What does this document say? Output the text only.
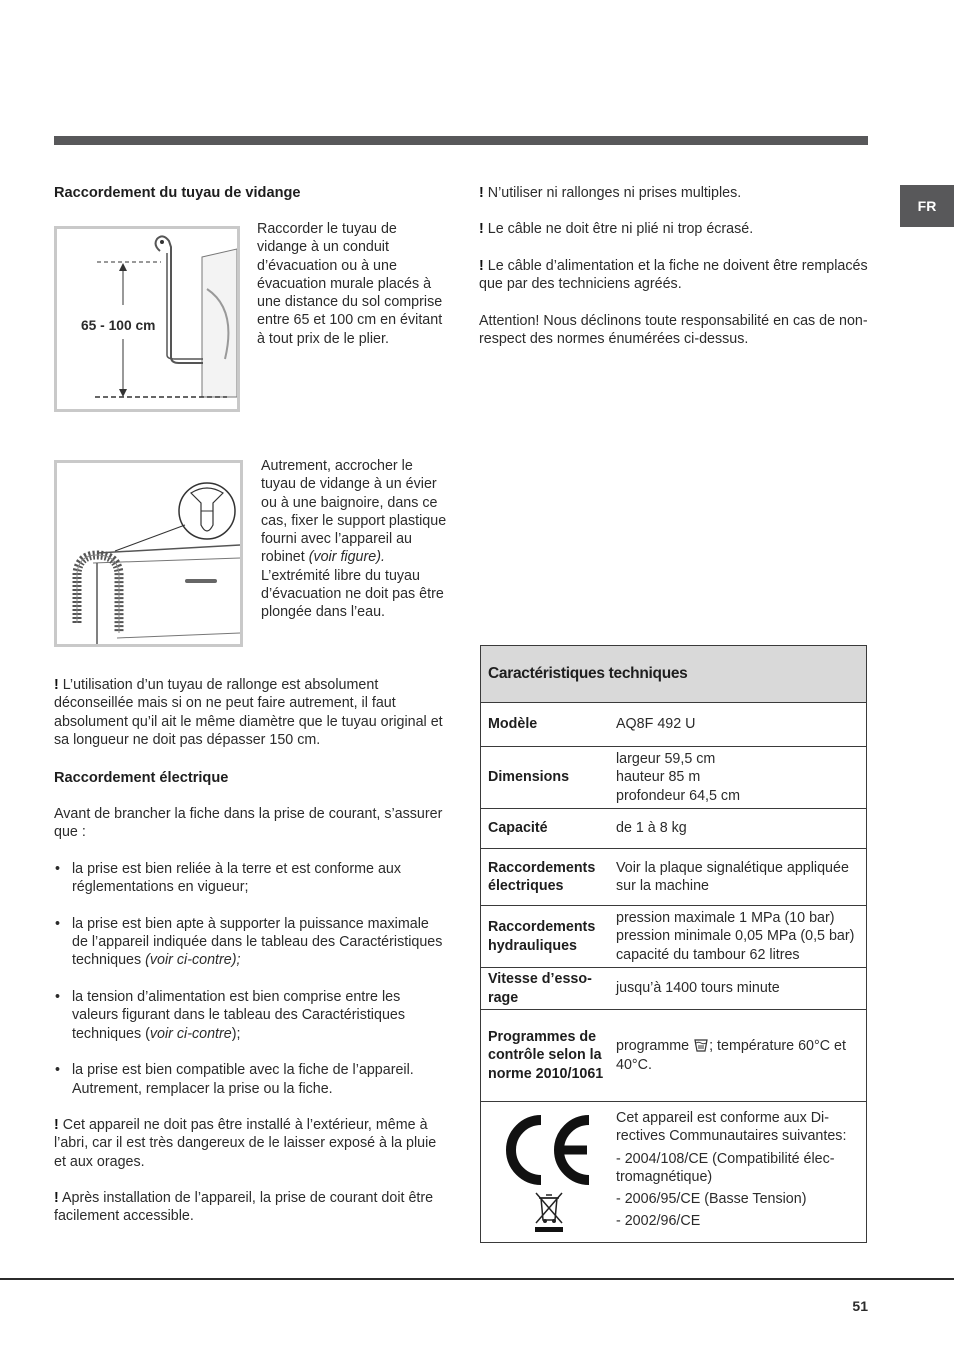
FR
51
Raccordement du tuyau de vidange
65 - 100 cm

Raccorder le tuyau de vidange à un conduit d’évacuation ou à une évacuation murale placés à une distance du sol comprise entre 65 et 100 cm en évitant à tout prix de le plier.

Autrement, accrocher le tuyau de vidange à un évier ou à une baignoire, dans ce cas, fixer le support plastique fourni avec l’appareil au robinet (voir figure). L’extrémité libre du tuyau d’évacuation ne doit pas être plongée dans l’eau.

! L’utilisation d’un tuyau de rallonge est absolument déconseillée mais si on ne peut faire autrement, il faut absolument qu’il ait le même diamètre que le tuyau original et sa longueur ne doit pas dépasser 150 cm.

Raccordement électrique

Avant de brancher la fiche dans la prise de courant, s’assurer que :

• la prise est bien reliée à la terre et est conforme aux réglementations en vigueur;
• la prise est bien apte à supporter la puissance maximale de l’appareil indiquée dans le tableau des Caractéristiques techniques (voir ci-contre);
• la tension d’alimentation est bien comprise entre les valeurs figurant dans le tableau des Caractéristiques techniques (voir ci-contre);
• la prise est bien compatible avec la fiche de l’appareil. Autrement, remplacer la prise ou la fiche.

! Cet appareil ne doit pas être installé à l’extérieur, même à l’abri, car il est très dangereux de le laisser exposé à la pluie et aux orages.

! Après installation de l’appareil, la prise de courant doit être facilement accessible.

! N’utiliser ni rallonges ni prises multiples.

! Le câble ne doit être ni plié ni trop écrasé.

! Le câble d’alimentation et la fiche ne doivent être remplacés que par des techniciens agréés.

Attention! Nous déclinons toute responsabilité en cas de non-respect des normes énumérées ci-dessus.

Caractéristiques techniques
Modèle	AQ8F 492 U
Dimensions
largeur 59,5 cm
hauteur 85 m
profondeur 64,5 cm
Capacité	de 1 à 8 kg
Raccordements électriques
Voir la plaque signalétique appliquée sur la machine
Raccordements hydrauliques
pression maximale 1 MPa (10 bar) pression minimale 0,05 MPa (0,5 bar) capacité du tambour 62 litres
Vitesse d’esso-rage
jusqu’à 1400 tours minute
Programmes de contrôle selon la norme 2010/1061
programme ; température 60°C et 40°C.

Cet appareil est conforme aux Di-rectives Communautaires suivantes:

- 2004/108/CE (Compatibilité élec-tromagnétique)

- 2006/95/CE (Basse Tension)

- 2002/96/CE
